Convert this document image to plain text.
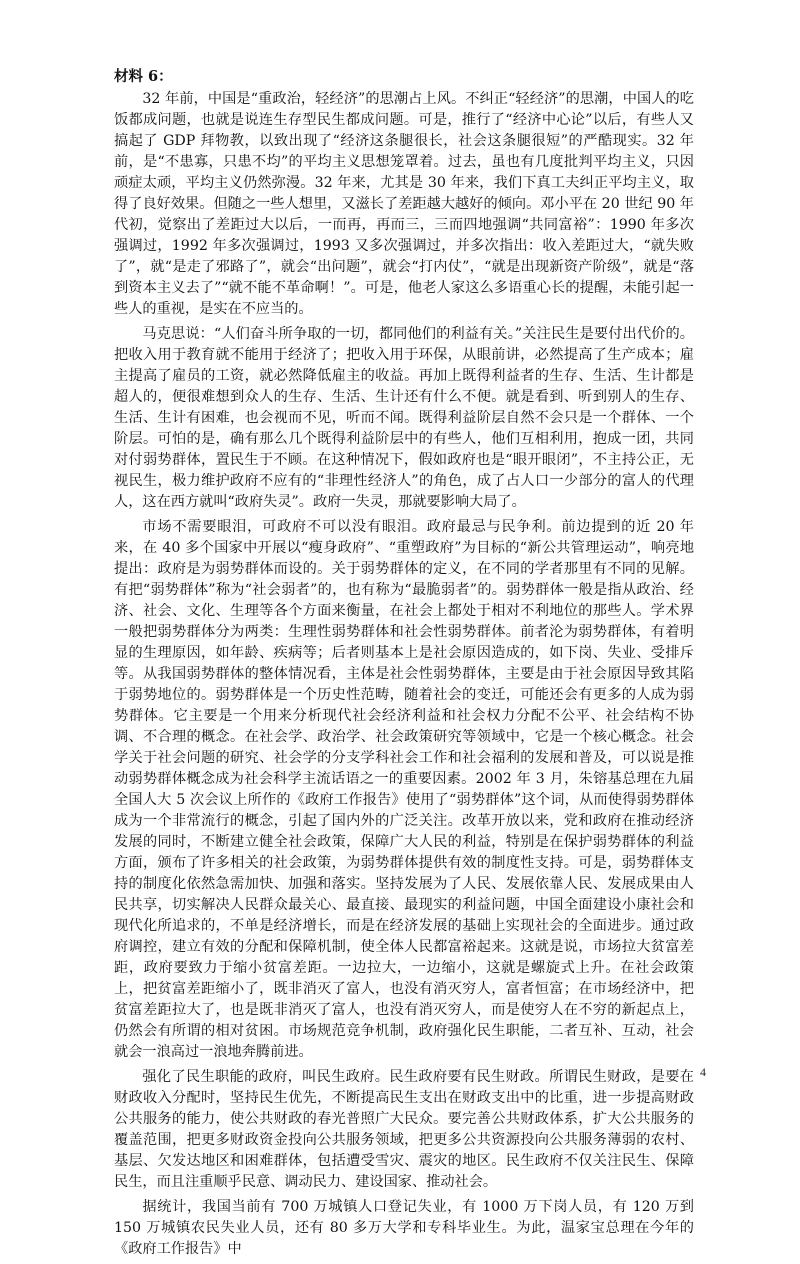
材料 6：

32 年前，中国是“重政治，轻经济”的思潮占上风。不纠正“轻经济”的思潮，中国人的吃饭都成问题，也就是说连生存型民生都成问题。可是，推行了“经济中心论”以后，有些人又搞起了 GDP 拜物教，以致出现了“经济这条腿很长，社会这条腿很短”的严酷现实。32 年前，是“不患寡，只患不均”的平均主义思想笼罩着。过去，虽也有几度批判平均主义，只因顽症太顽，平均主义仍然弥漫。32 年来，尤其是 30 年来，我们下真工夫纠正平均主义，取得了良好效果。但随之一些人想里，又滋长了差距越大越好的倾向。邓小平在 20 世纪 90 年代初，觉察出了差距过大以后，一而再，再而三，三而四地强调“共同富裕”：1990 年多次强调过，1992 年多次强调过，1993 又多次强调过，并多次指出：收入差距过大，“就失败了”，就“是走了邪路了”，就会“出问题”，就会“打内仗”，“就是出现新资产阶级”，就是“落到资本主义去了”“就不能不革命啊！”。可是，他老人家这么多语重心长的提醒，未能引起一些人的重视，是实在不应当的。

马克思说：“人们奋斗所争取的一切，都同他们的利益有关。”关注民生是要付出代价的。把收入用于教育就不能用于经济了；把收入用于环保，从眼前讲，必然提高了生产成本；雇主提高了雇员的工资，就必然降低雇主的收益。再加上既得利益者的生存、生活、生计都是超人的，便很难想到众人的生存、生活、生计还有什么不便。就是看到、听到别人的生存、生活、生计有困难，也会视而不见，听而不闻。既得利益阶层自然不会只是一个群体、一个阶层。可怕的是，确有那么几个既得利益阶层中的有些人，他们互相利用，抱成一团，共同对付弱势群体，置民生于不顾。在这种情况下，假如政府也是“眼开眼闭”，不主持公正，无视民生，极力维护政府不应有的“非理性经济人”的角色，成了占人口一少部分的富人的代理人，这在西方就叫“政府失灵”。政府一失灵，那就要影响大局了。

市场不需要眼泪，可政府不可以没有眼泪。政府最忌与民争利。前边提到的近 20 年来，在 40 多个国家中开展以“瘦身政府”、“重塑政府”为目标的“新公共管理运动”，响亮地提出：政府是为弱势群体而设的。关于弱势群体的定义，在不同的学者那里有不同的见解。有把“弱势群体”称为“社会弱者”的，也有称为“最脆弱者”的。弱势群体一般是指从政治、经济、社会、文化、生理等各个方面来衡量，在社会上都处于相对不利地位的那些人。学术界一般把弱势群体分为两类：生理性弱势群体和社会性弱势群体。前者沦为弱势群体，有着明显的生理原因，如年龄、疾病等；后者则基本上是社会原因造成的，如下岗、失业、受排斥等。从我国弱势群体的整体情况看，主体是社会性弱势群体，主要是由于社会原因导致其陷于弱势地位的。弱势群体是一个历史性范畴，随着社会的变迁，可能还会有更多的人成为弱势群体。它主要是一个用来分析现代社会经济利益和社会权力分配不公平、社会结构不协调、不合理的概念。在社会学、政治学、社会政策研究等领域中，它是一个核心概念。社会学关于社会问题的研究、社会学的分支学科社会工作和社会福利的发展和普及，可以说是推动弱势群体概念成为社会科学主流话语之一的重要因素。2002 年 3 月，朱镕基总理在九届全国人大 5 次会议上所作的《政府工作报告》使用了“弱势群体”这个词，从而使得弱势群体成为一个非常流行的概念，引起了国内外的广泛关注。改革开放以来，党和政府在推动经济发展的同时，不断建立健全社会政策，保障广大人民的利益，特别是在保护弱势群体的利益方面，颁布了许多相关的社会政策，为弱势群体提供有效的制度性支持。可是，弱势群体支持的制度化依然急需加快、加强和落实。坚持发展为了人民、发展依靠人民、发展成果由人民共享，切实解决人民群众最关心、最直接、最现实的利益问题，中国全面建设小康社会和现代化所追求的，不单是经济增长，而是在经济发展的基础上实现社会的全面进步。通过政府调控，建立有效的分配和保障机制，使全体人民都富裕起来。这就是说，市场拉大贫富差距，政府要致力于缩小贫富差距。一边拉大，一边缩小，这就是螺旋式上升。在社会政策上，把贫富差距缩小了，既非消灭了富人，也没有消灭穷人，富者恒富；在市场经济中，把贫富差距拉大了，也是既非消灭了富人，也没有消灭穷人，而是使穷人在不穷的新起点上，仍然会有所谓的相对贫困。市场规范竞争机制，政府强化民生职能，二者互补、互动，社会就会一浪高过一浪地奔腾前进。

强化了民生职能的政府，叫民生政府。民生政府要有民生财政。所谓民生财政，是要在财政收入分配时，坚持民生优先，不断提高民生支出在财政支出中的比重，进一步提高财政公共服务的能力，使公共财政的春光普照广大民众。要完善公共财政体系，扩大公共服务的覆盖范围，把更多财政资金投向公共服务领域，把更多公共资源投向公共服务薄弱的农村、基层、欠发达地区和困难群体，包括遭受雪灾、震灾的地区。民生政府不仅关注民生、保障民生，而且注重顺乎民意、调动民力、建设国家、推动社会。

据统计，我国当前有 700 万城镇人口登记失业，有 1000 万下岗人员，有 120 万到 150 万城镇农民失业人员，还有 80 多万大学和专科毕业生。为此，温家宝总理在今年的《政府工作报告》中

4
